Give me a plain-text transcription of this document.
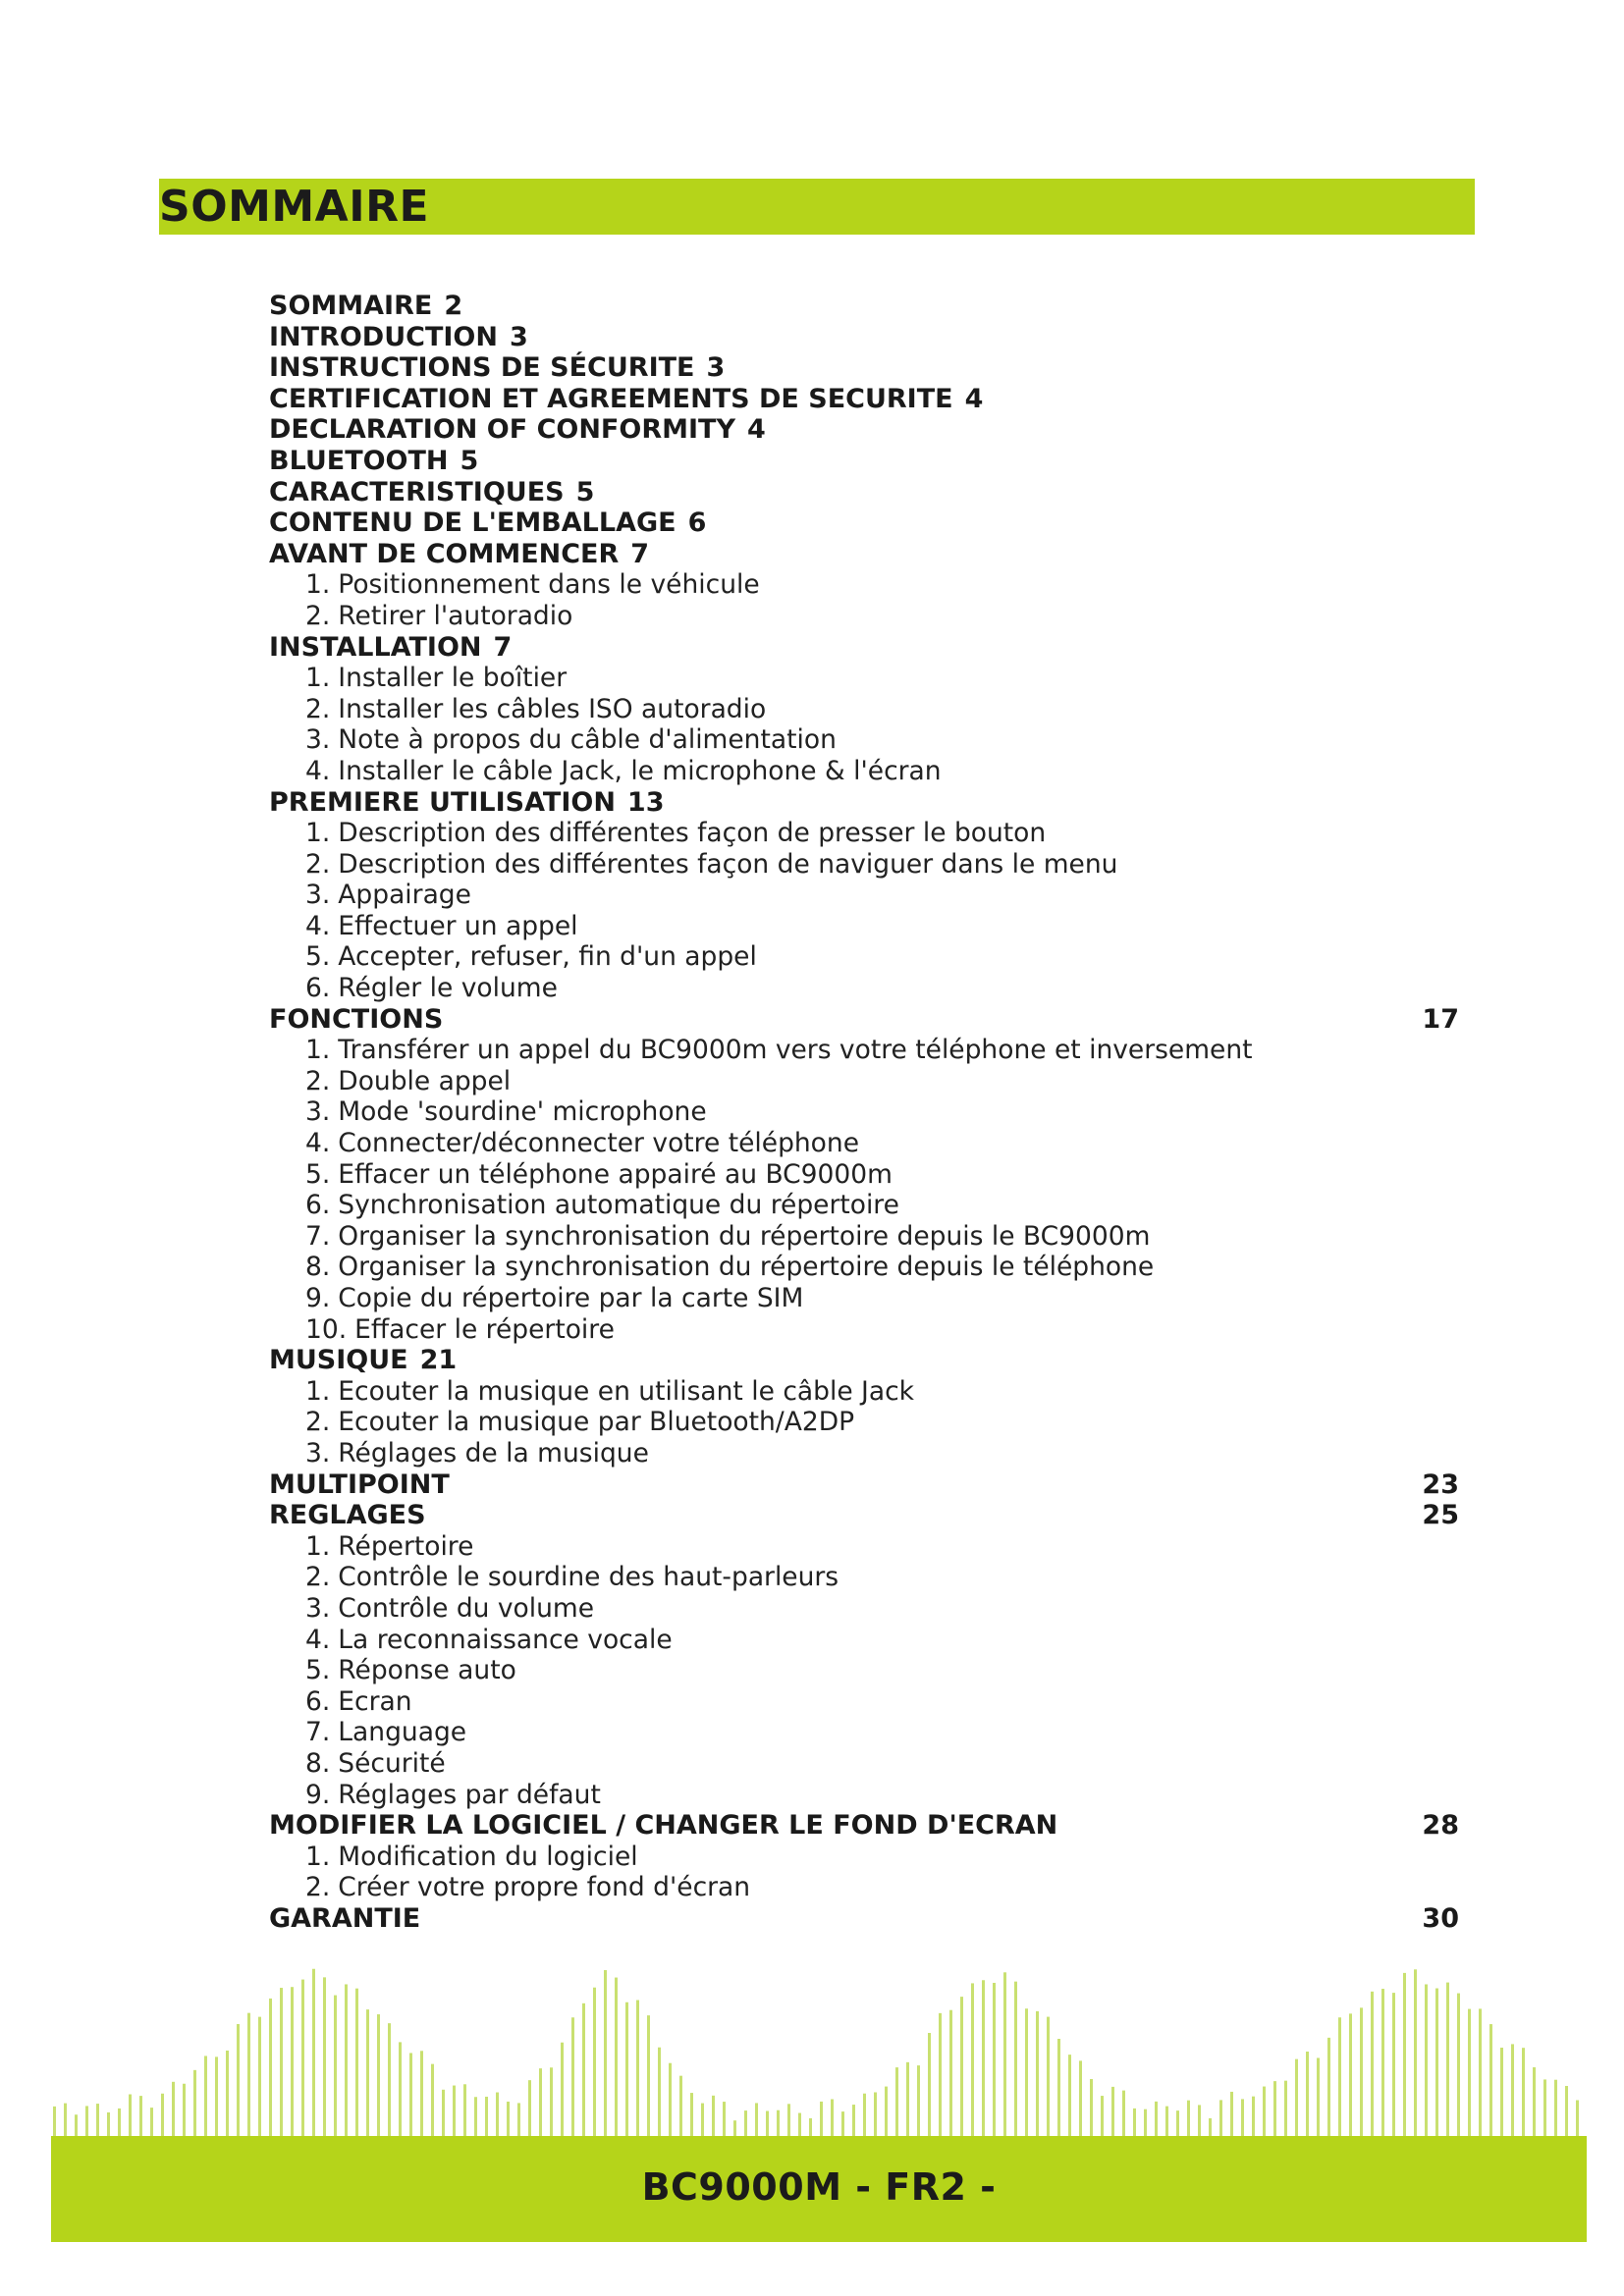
SOMMAIRE
SOMMAIRE 2
INTRODUCTION 3
INSTRUCTIONS DE SÉCURITE 3
CERTIFICATION ET AGREEMENTS DE SECURITE 4
DECLARATION OF CONFORMITY 4
BLUETOOTH 5
CARACTERISTIQUES 5
CONTENU DE L'EMBALLAGE 6
AVANT DE COMMENCER 7
1. Positionnement dans le véhicule
2. Retirer l'autoradio
INSTALLATION 7
1. Installer le boîtier
2. Installer les câbles ISO autoradio
3. Note à propos du câble d'alimentation
4. Installer le câble Jack, le microphone & l'écran
PREMIERE UTILISATION 13
1. Description des différentes façon de presser le bouton
2. Description des différentes façon de naviguer dans le menu
3. Appairage
4. Effectuer un appel
5. Accepter, refuser, fin d'un appel
6. Régler le volume
FONCTIONS	17
1. Transférer un appel du BC9000m vers votre téléphone et inversement
2. Double appel
3. Mode 'sourdine' microphone
4. Connecter/déconnecter votre téléphone
5. Effacer un téléphone appairé au BC9000m
6. Synchronisation automatique du répertoire
7. Organiser la synchronisation du répertoire depuis le BC9000m
8. Organiser la synchronisation du répertoire depuis le téléphone
9. Copie du répertoire par la carte SIM
10. Effacer le répertoire
MUSIQUE 21
1. Ecouter la musique en utilisant le câble Jack
2. Ecouter la musique par Bluetooth/A2DP
3. Réglages de la musique
MULTIPOINT	23
REGLAGES	25
1. Répertoire
2. Contrôle le sourdine des haut-parleurs
3. Contrôle du volume
4. La reconnaissance vocale
5. Réponse auto
6. Ecran
7. Language
8. Sécurité
9. Réglages par défaut
MODIFIER LA LOGICIEL / CHANGER LE FOND D'ECRAN	28
1. Modification du logiciel
2. Créer votre propre fond d'écran
GARANTIE	30
BC9000M - FR2 -
